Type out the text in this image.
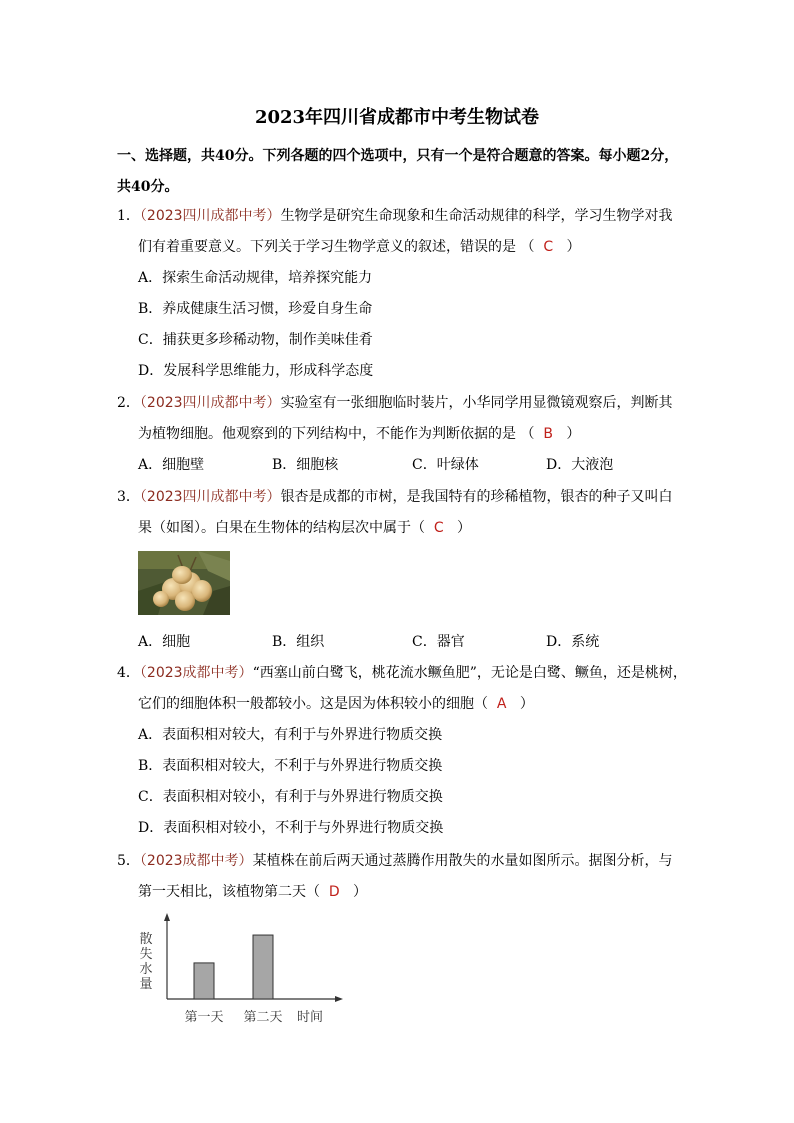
2023年四川省成都市中考生物试卷
一、选择题，共40分。下列各题的四个选项中，只有一个是符合题意的答案。每小题2分，
共40分。
1．（2023四川成都中考）生物学是研究生命现象和生命活动规律的科学，学习生物学对我
们有着重要意义。下列关于学习生物学意义的叙述，错误的是 （ C ）
A．探索生命活动规律，培养探究能力
B．养成健康生活习惯，珍爱自身生命
C．捕获更多珍稀动物，制作美味佳肴
D．发展科学思维能力，形成科学态度
2．（2023四川成都中考）实验室有一张细胞临时装片，小华同学用显微镜观察后，判断其
为植物细胞。他观察到的下列结构中，不能作为判断依据的是 （ B ）
A．细胞壁	B．细胞核	C．叶绿体	D．大液泡
3．（2023四川成都中考）银杏是成都的市树，是我国特有的珍稀植物，银杏的种子又叫白
果（如图）。白果在生物体的结构层次中属于（ C ）
A．细胞	B．组织	C．器官	D．系统
4．（2023成都中考）“西塞山前白鹭飞，桃花流水鳜鱼肥”，无论是白鹭、鳜鱼，还是桃树，
它们的细胞体积一般都较小。这是因为体积较小的细胞（ A ）
A．表面积相对较大，有利于与外界进行物质交换
B．表面积相对较大，不利于与外界进行物质交换
C．表面积相对较小，有利于与外界进行物质交换
D．表面积相对较小，不利于与外界进行物质交换
5．（2023成都中考）某植株在前后两天通过蒸腾作用散失的水量如图所示。据图分析，与
第一天相比，该植物第二天（ D ）
散
失
水
量
第一天 第二天 时间
